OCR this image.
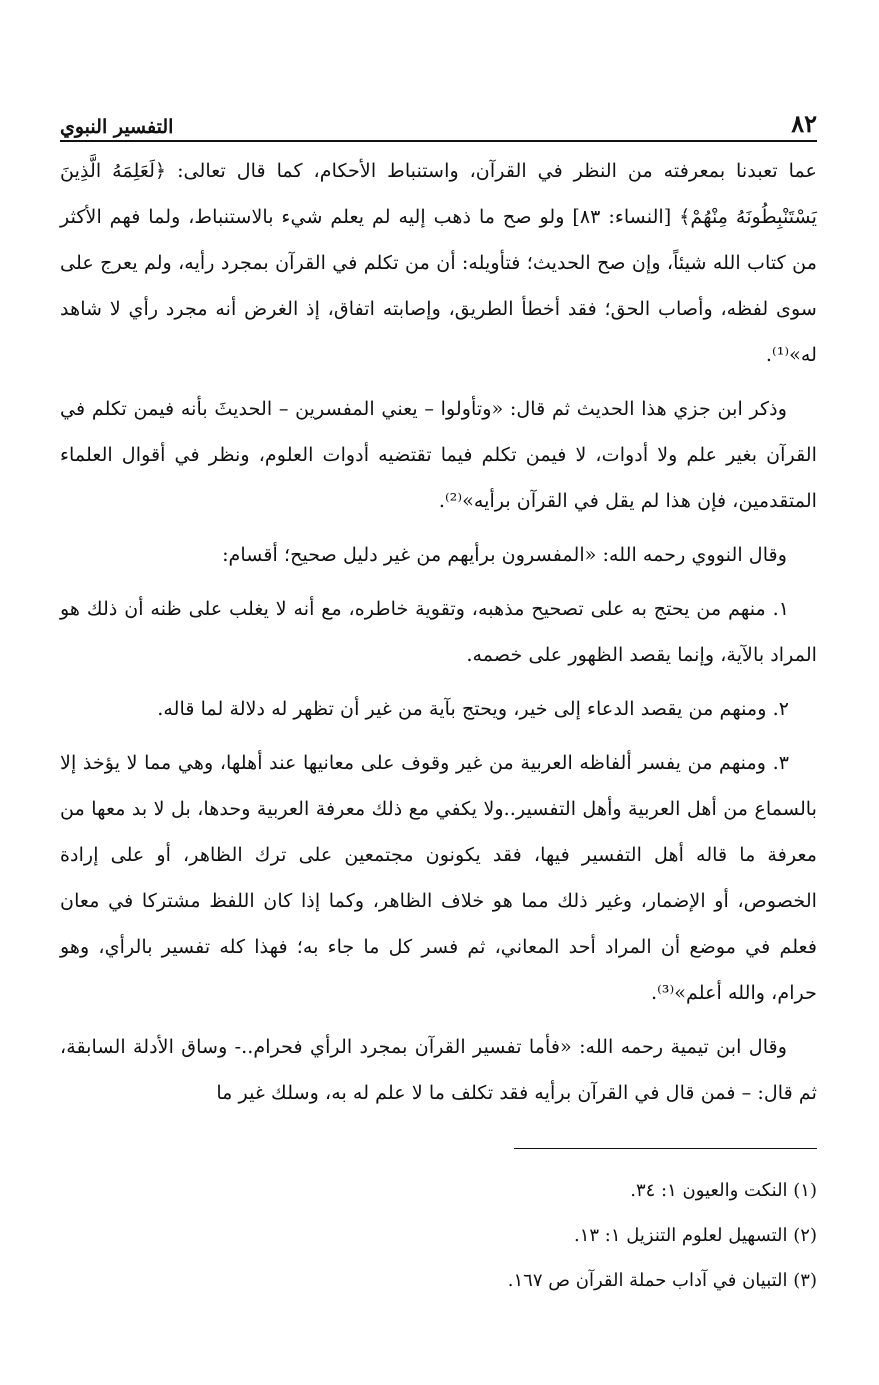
٨٢
التفسير النبوي

عما تعبدنا بمعرفته من النظر في القرآن، واستنباط الأحكام، كما قال تعالى: ﴿لَعَلِمَهُ الَّذِينَ يَسْتَنْبِطُونَهُ مِنْهُمْ﴾ [النساء: ٨٣] ولو صح ما ذهب إليه لم يعلم شيء بالاستنباط، ولما فهم الأكثر من كتاب الله شيئاً، وإن صح الحديث؛ فتأويله: أن من تكلم في القرآن بمجرد رأيه، ولم يعرج على سوى لفظه، وأصاب الحق؛ فقد أخطأ الطريق، وإصابته اتفاق، إذ الغرض أنه مجرد رأي لا شاهد له»⁽¹⁾.

وذكر ابن جزي هذا الحديث ثم قال: «وتأولوا – يعني المفسرين – الحديثَ بأنه فيمن تكلم في القرآن بغير علم ولا أدوات، لا فيمن تكلم فيما تقتضيه أدوات العلوم، ونظر في أقوال العلماء المتقدمين، فإن هذا لم يقل في القرآن برأيه»⁽²⁾.

وقال النووي رحمه الله: «المفسرون برأيهم من غير دليل صحيح؛ أقسام:

١. منهم من يحتج به على تصحيح مذهبه، وتقوية خاطره، مع أنه لا يغلب على ظنه أن ذلك هو المراد بالآية، وإنما يقصد الظهور على خصمه.

٢. ومنهم من يقصد الدعاء إلى خير، ويحتج بآية من غير أن تظهر له دلالة لما قاله.

٣. ومنهم من يفسر ألفاظه العربية من غير وقوف على معانيها عند أهلها، وهي مما لا يؤخذ إلا بالسماع من أهل العربية وأهل التفسير..ولا يكفي مع ذلك معرفة العربية وحدها، بل لا بد معها من معرفة ما قاله أهل التفسير فيها، فقد يكونون مجتمعين على ترك الظاهر، أو على إرادة الخصوص، أو الإضمار، وغير ذلك مما هو خلاف الظاهر، وكما إذا كان اللفظ مشتركا في معان فعلم في موضع أن المراد أحد المعاني، ثم فسر كل ما جاء به؛ فهذا كله تفسير بالرأي، وهو حرام، والله أعلم»⁽³⁾.

وقال ابن تيمية رحمه الله: «فأما تفسير القرآن بمجرد الرأي فحرام..- وساق الأدلة السابقة، ثم قال: – فمن قال في القرآن برأيه فقد تكلف ما لا علم له به، وسلك غير ما

(١) النكت والعيون ١: ٣٤.
(٢) التسهيل لعلوم التنزيل ١: ١٣.
(٣) التبيان في آداب حملة القرآن ص ١٦٧.
